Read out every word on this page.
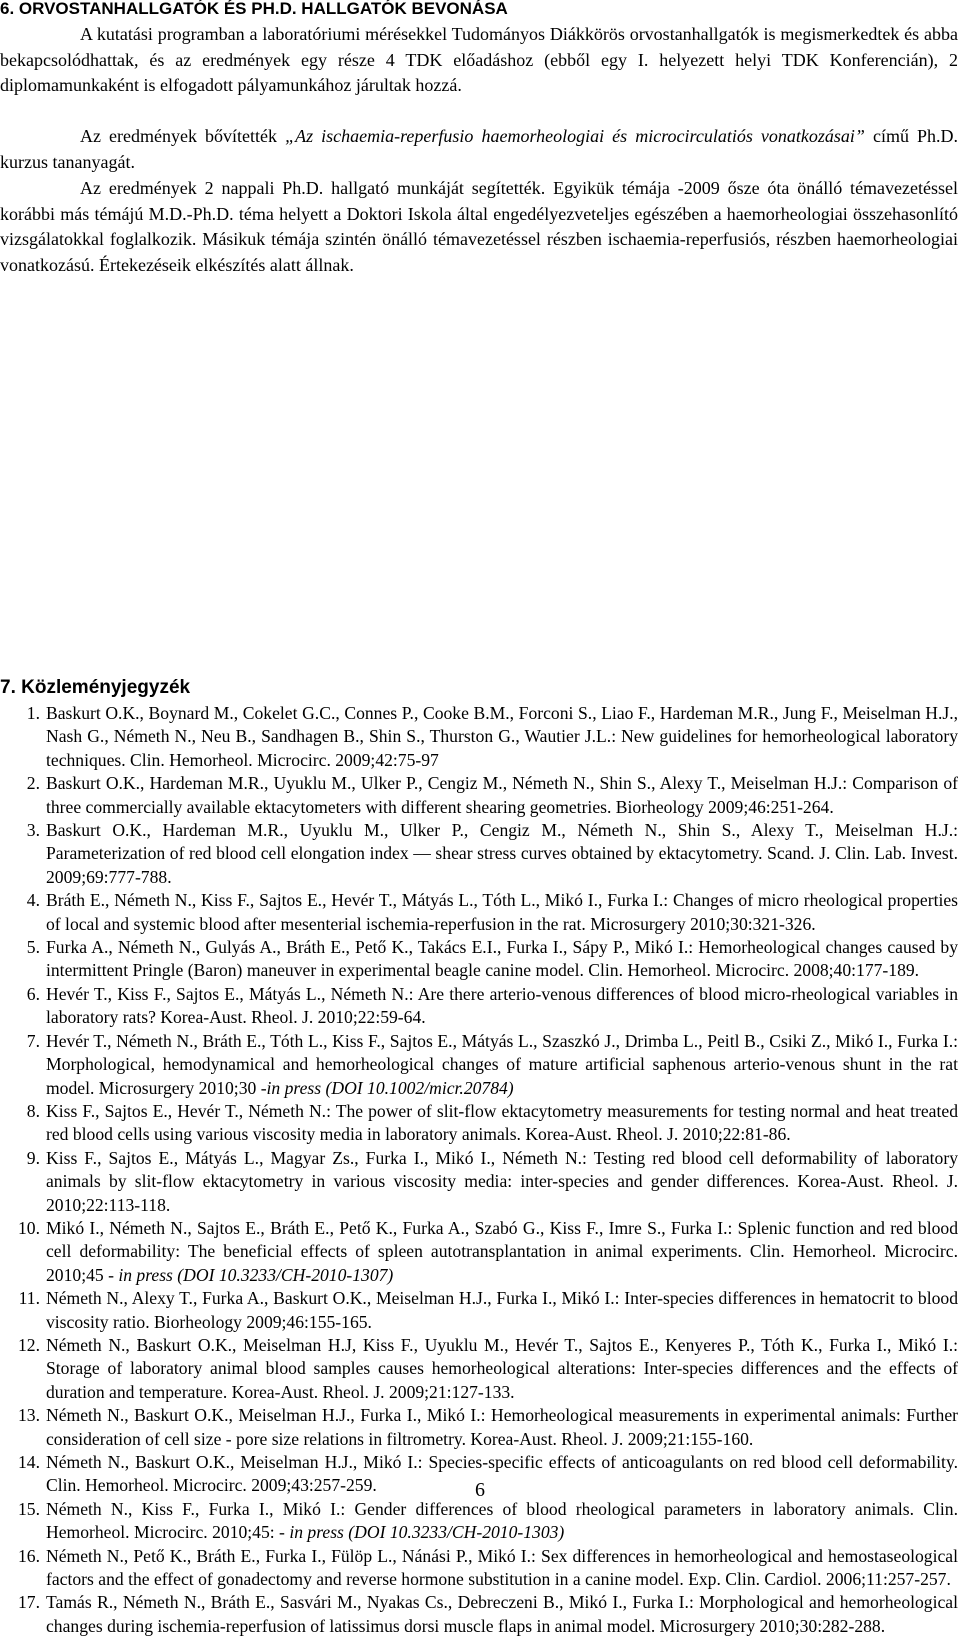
6. ORVOSTANHALLGATÓK ÉS PH.D. HALLGATÓK BEVONÁSA
A kutatási programban a laboratóriumi mérésekkel Tudományos Diákkörös orvostanhallgatók is megismerkedtek és abba bekapcsolódhattak, és az eredmények egy része 4 TDK előadáshoz (ebből egy I. helyezett helyi TDK Konferencián), 2 diplomamunkaként is elfogadott pályamunkához járultak hozzá.
Az eredmények bővítették „Az ischaemia-reperfusio haemorheologiai és microcirculatiós vonatkozásai” című Ph.D. kurzus tananyagát.
Az eredmények 2 nappali Ph.D. hallgató munkáját segítették. Egyikük témája -2009 ősze óta önálló témavezetéssel korábbi más témájú M.D.-Ph.D. téma helyett a Doktori Iskola által engedélyezveteljes egészében a haemorheologiai összehasonlító vizsgálatokkal foglalkozik. Másikuk témája szintén önálló témavezetéssel részben ischaemia-reperfusiós, részben haemorheologiai vonatkozású. Értekezéseik elkészítés alatt állnak.
7. Közleményjegyzék
1. Baskurt O.K., Boynard M., Cokelet G.C., Connes P., Cooke B.M., Forconi S., Liao F., Hardeman M.R., Jung F., Meiselman H.J., Nash G., Németh N., Neu B., Sandhagen B., Shin S., Thurston G., Wautier J.L.: New guidelines for hemorheological laboratory techniques. Clin. Hemorheol. Microcirc. 2009;42:75-97
2. Baskurt O.K., Hardeman M.R., Uyuklu M., Ulker P., Cengiz M., Németh N., Shin S., Alexy T., Meiselman H.J.: Comparison of three commercially available ektacytometers with different shearing geometries. Biorheology 2009;46:251-264.
3. Baskurt O.K., Hardeman M.R., Uyuklu M., Ulker P., Cengiz M., Németh N., Shin S., Alexy T., Meiselman H.J.: Parameterization of red blood cell elongation index — shear stress curves obtained by ektacytometry. Scand. J. Clin. Lab. Invest. 2009;69:777-788.
4. Bráth E., Németh N., Kiss F., Sajtos E., Hevér T., Mátyás L., Tóth L., Mikó I., Furka I.: Changes of micro rheological properties of local and systemic blood after mesenterial ischemia-reperfusion in the rat. Microsurgery 2010;30:321-326.
5. Furka A., Németh N., Gulyás A., Bráth E., Pető K., Takács E.I., Furka I., Sápy P., Mikó I.: Hemorheological changes caused by intermittent Pringle (Baron) maneuver in experimental beagle canine model. Clin. Hemorheol. Microcirc. 2008;40:177-189.
6. Hevér T., Kiss F., Sajtos E., Mátyás L., Németh N.: Are there arterio-venous differences of blood micro-rheological variables in laboratory rats? Korea-Aust. Rheol. J. 2010;22:59-64.
7. Hevér T., Németh N., Bráth E., Tóth L., Kiss F., Sajtos E., Mátyás L., Szaszkó J., Drimba L., Peitl B., Csiki Z., Mikó I., Furka I.: Morphological, hemodynamical and hemorheological changes of mature artificial saphenous arterio-venous shunt in the rat model. Microsurgery 2010;30 -in press (DOI 10.1002/micr.20784)
8. Kiss F., Sajtos E., Hevér T., Németh N.: The power of slit-flow ektacytometry measurements for testing normal and heat treated red blood cells using various viscosity media in laboratory animals. Korea-Aust. Rheol. J. 2010;22:81-86.
9. Kiss F., Sajtos E., Mátyás L., Magyar Zs., Furka I., Mikó I., Németh N.: Testing red blood cell deformability of laboratory animals by slit-flow ektacytometry in various viscosity media: inter-species and gender differences. Korea-Aust. Rheol. J. 2010;22:113-118.
10. Mikó I., Németh N., Sajtos E., Bráth E., Pető K., Furka A., Szabó G., Kiss F., Imre S., Furka I.: Splenic function and red blood cell deformability: The beneficial effects of spleen autotransplantation in animal experiments. Clin. Hemorheol. Microcirc. 2010;45 - in press (DOI 10.3233/CH-2010-1307)
11. Németh N., Alexy T., Furka A., Baskurt O.K., Meiselman H.J., Furka I., Mikó I.: Inter-species differences in hematocrit to blood viscosity ratio. Biorheology 2009;46:155-165.
12. Németh N., Baskurt O.K., Meiselman H.J, Kiss F., Uyuklu M., Hevér T., Sajtos E., Kenyeres P., Tóth K., Furka I., Mikó I.: Storage of laboratory animal blood samples causes hemorheological alterations: Inter-species differences and the effects of duration and temperature. Korea-Aust. Rheol. J. 2009;21:127-133.
13. Németh N., Baskurt O.K., Meiselman H.J., Furka I., Mikó I.: Hemorheological measurements in experimental animals: Further consideration of cell size - pore size relations in filtrometry. Korea-Aust. Rheol. J. 2009;21:155-160.
14. Németh N., Baskurt O.K., Meiselman H.J., Mikó I.: Species-specific effects of anticoagulants on red blood cell deformability. Clin. Hemorheol. Microcirc. 2009;43:257-259.
15. Németh N., Kiss F., Furka I., Mikó I.: Gender differences of blood rheological parameters in laboratory animals. Clin. Hemorheol. Microcirc. 2010;45: - in press (DOI 10.3233/CH-2010-1303)
16. Németh N., Pető K., Bráth E., Furka I., Fülöp L., Nánási P., Mikó I.: Sex differences in hemorheological and hemostaseological factors and the effect of gonadectomy and reverse hormone substitution in a canine model. Exp. Clin. Cardiol. 2006;11:257-257.
17. Tamás R., Németh N., Bráth E., Sasvári M., Nyakas Cs., Debreczeni B., Mikó I., Furka I.: Morphological and hemorheological changes during ischemia-reperfusion of latissimus dorsi muscle flaps in animal model. Microsurgery 2010;30:282-288.
6
